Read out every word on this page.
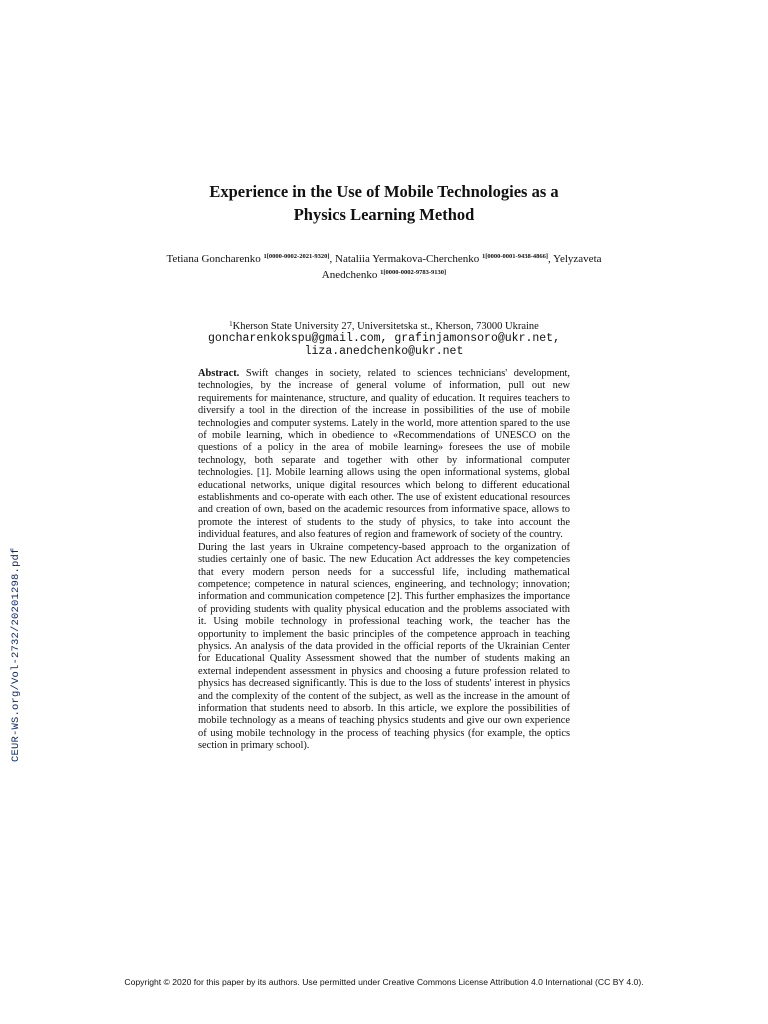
Experience in the Use of Mobile Technologies as a
Physics Learning Method
Tetiana Goncharenko $^{1[0000-0002-2021-9320]}$, Nataliia Yermakova-Cherchenko $^{1[0000-0001-9438-4866]}$, Yelyzaveta Anedchenko $^{1[0000-0002-9783-9130]}$
$^1$Kherson State University 27, Universitetska st., Kherson, 73000 Ukraine
goncharenkokspu@gmail.com, grafinjamonsoro@ukr.net,
liza.anedchenko@ukr.net

Abstract. Swift changes in society, related to sciences technicians' development, technologies, by the increase of general volume of information, pull out new requirements for maintenance, structure, and quality of education. It requires teachers to diversify a tool in the direction of the increase in possibilities of the use of mobile technologies and computer systems. Lately in the world, more attention spared to the use of mobile learning, which in obedience to «Recommendations of UNESCO on the questions of a policy in the area of mobile learning» foresees the use of mobile technology, both separate and together with other by informational computer technologies. [1]. Mobile learning allows using the open informational systems, global educational networks, unique digital resources which belong to different educational establishments and co-operate with each other. The use of existent educational resources and creation of own, based on the academic resources from informative space, allows to promote the interest of students to the study of physics, to take into account the individual features, and also features of region and framework of society of the country.

During the last years in Ukraine competency-based approach to the organization of studies certainly one of basic. The new Education Act addresses the key competencies that every modern person needs for a successful life, including mathematical competence; competence in natural sciences, engineering, and technology; innovation; information and communication competence [2]. This further emphasizes the importance of providing students with quality physical education and the problems associated with it. Using mobile technology in professional teaching work, the teacher has the opportunity to implement the basic principles of the competence approach in teaching physics. An analysis of the data provided in the official reports of the Ukrainian Center for Educational Quality Assessment showed that the number of students making an external independent assessment in physics and choosing a future profession related to physics has decreased significantly. This is due to the loss of students' interest in physics and the complexity of the content of the subject, as well as the increase in the amount of information that students need to absorb. In this article, we explore the possibilities of mobile technology as a means of teaching physics students and give our own experience of using mobile technology in the process of teaching physics (for example, the optics section in primary school).

CEUR-WS.org/Vol-2732/20201298.pdf
Copyright © 2020 for this paper by its authors. Use permitted under Creative Commons License Attribution 4.0 International (CC BY 4.0).
